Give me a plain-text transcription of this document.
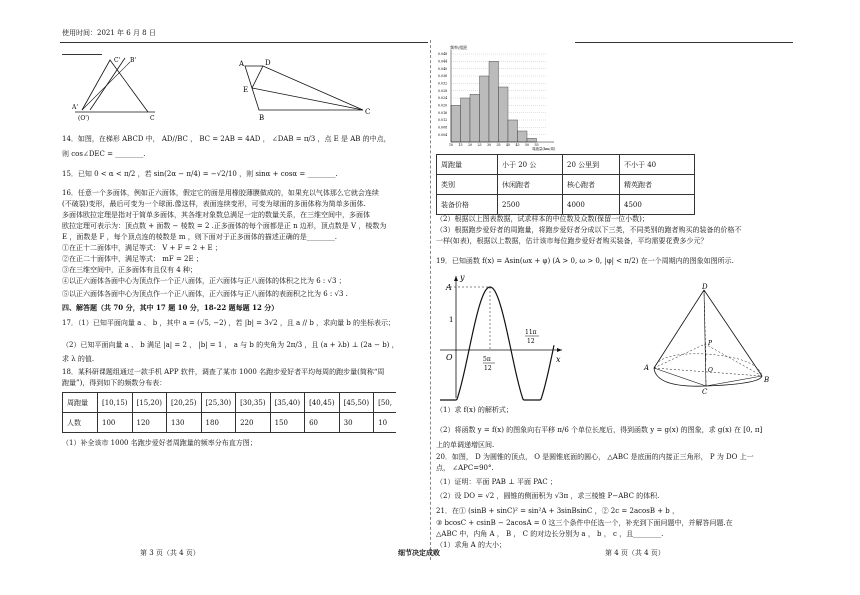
使用时间：2021 年 6 月 8 日
C' B'
A'
(O')	C
A	D
E
B
C
14．如图，在梯形 ABCD 中， AD//BC ， BC = 2AB = 4AD ， ∠DAB = π/3 ，点 E 是 AB 的中点，
则 cos∠DEC = ________.
15．已知 0 < α < π/2 ，若 sin(2α − π/4) = −√2/10 ，则 sinα + cosα = ________.
16．任意一个多面体，例如正六面体，假定它的面是用橡胶薄膜做成的，如果充以气体那么它就会连续
(不破裂)变形，最后可变为一个球面.像这样，表面连续变形，可变为球面的多面体称为简单多面体.
多面体欧拉定理是指对于简单多面体，其各维对象数总满足一定的数量关系，在三维空间中，多面体
欧拉定理可表示为：顶点数 + 面数 − 棱数 = 2 .正多面体的每个面都是正 n 边形，顶点数是 V ，棱数为
E ，面数是 F ，每个顶点连的棱数是 m ，则下面对于正多面体的描述正确的是________.
①在正十二面体中，满足等式： V + F = 2 + E ；
②在正二十面体中，满足等式： mF = 2E ；
③在三维空间中，正多面体有且仅有 4 种；
④以正六面体各面中心为顶点作一个正八面体，正六面体与正八面体的体积之比为 6 : √3 ；
⑤以正六面体各面中心为顶点作一个正八面体，正六面体与正八面体的表面积之比为 6 : √3 .
四、解答题（共 70 分，其中 17 题 10 分，18-22 题每题 12 分）
17．（1）已知平面向量 a 、 b ，其中 a = (√5, −2) ，若 |b| = 3√2 ，且 a // b ，求向量 b 的坐标表示；
（2）已知平面向量 a 、 b 满足 |a| = 2 ， |b| = 1 ， a 与 b 的夹角为 2π/3 ，且 (a + λb) ⊥ (2a − b) ，
求 λ 的值.
18．某科研课题组通过一款手机 APP 软件，调查了某市 1000 名跑步爱好者平均每周的跑步量(简称“周
跑量”)，得到如下的频数分布表：
周跑量	[10,15)	[15,20)	[20,25)	[25,30)	[30,35)	[35,40)	[40,45)	[45,50)	[50,
人数	100	120	130	180	220	150	60	30	10
（1）补全该市 1000 名跑步爱好者周跑量的频率分布直方图；
第 3 页（共 4 页）	细节决定成败
频率/组距
0.048
0.044
0.040
0.036
0.032
0.028
0.024
0.020
0.016
0.012
0.008
0.004
10 15 20 25 30 35 40 45 50 55
周跑量(km/周)
周跑量	小于 20 公	20 公里到	不小于 40
类别	休闲跑者	核心跑者	精英跑者
装备价格	2500	4000	4500
（2）根据以上图表数据，试求样本的中位数及众数(保留一位小数)；
（3）根据跑步爱好者的周跑量，将跑步爱好者分成以下三类，不同类别的跑者购买的装备的价格不
一样(如表)，根据以上数据，估计该市每位跑步爱好者购买装备，平均需要花费多少元？
19．已知函数 f(x) = Asin(ωx + φ) (A > 0, ω > 0, |φ| < π/2) 在一个周期内的图象如图所示.
y
A
x
O
1
5π
12
11π
12
D
P
A	O
B
C
（1）求 f(x) 的解析式；
（2）将函数 y = f(x) 的图象向右平移 π/6 个单位长度后，得到函数 y = g(x) 的图象，求 g(x) 在 [0, π]
上的单调递增区间.
20．如图， D 为圆锥的顶点， O 是圆锥底面的圆心， △ABC 是底面的内接正三角形， P 为 DO 上一
点， ∠APC=90°.
（1）证明：平面 PAB ⊥ 平面 PAC ；
（2）设 DO = √2 ，圆锥的侧面积为 √3π ，求三棱锥 P−ABC 的体积.
21．在① (sinB + sinC)² = sin²A + 3sinBsinC ，② 2c = 2acosB + b ，
③ bcosC + csinB − 2acosA = 0 这三个条件中任选一个，补充到下面问题中，并解答问题.在
△ABC 中，内角 A ， B ， C 的对边长分别为 a ， b ， c ，且________.
（1）求角 A 的大小；
第 4 页（共 4 页）
